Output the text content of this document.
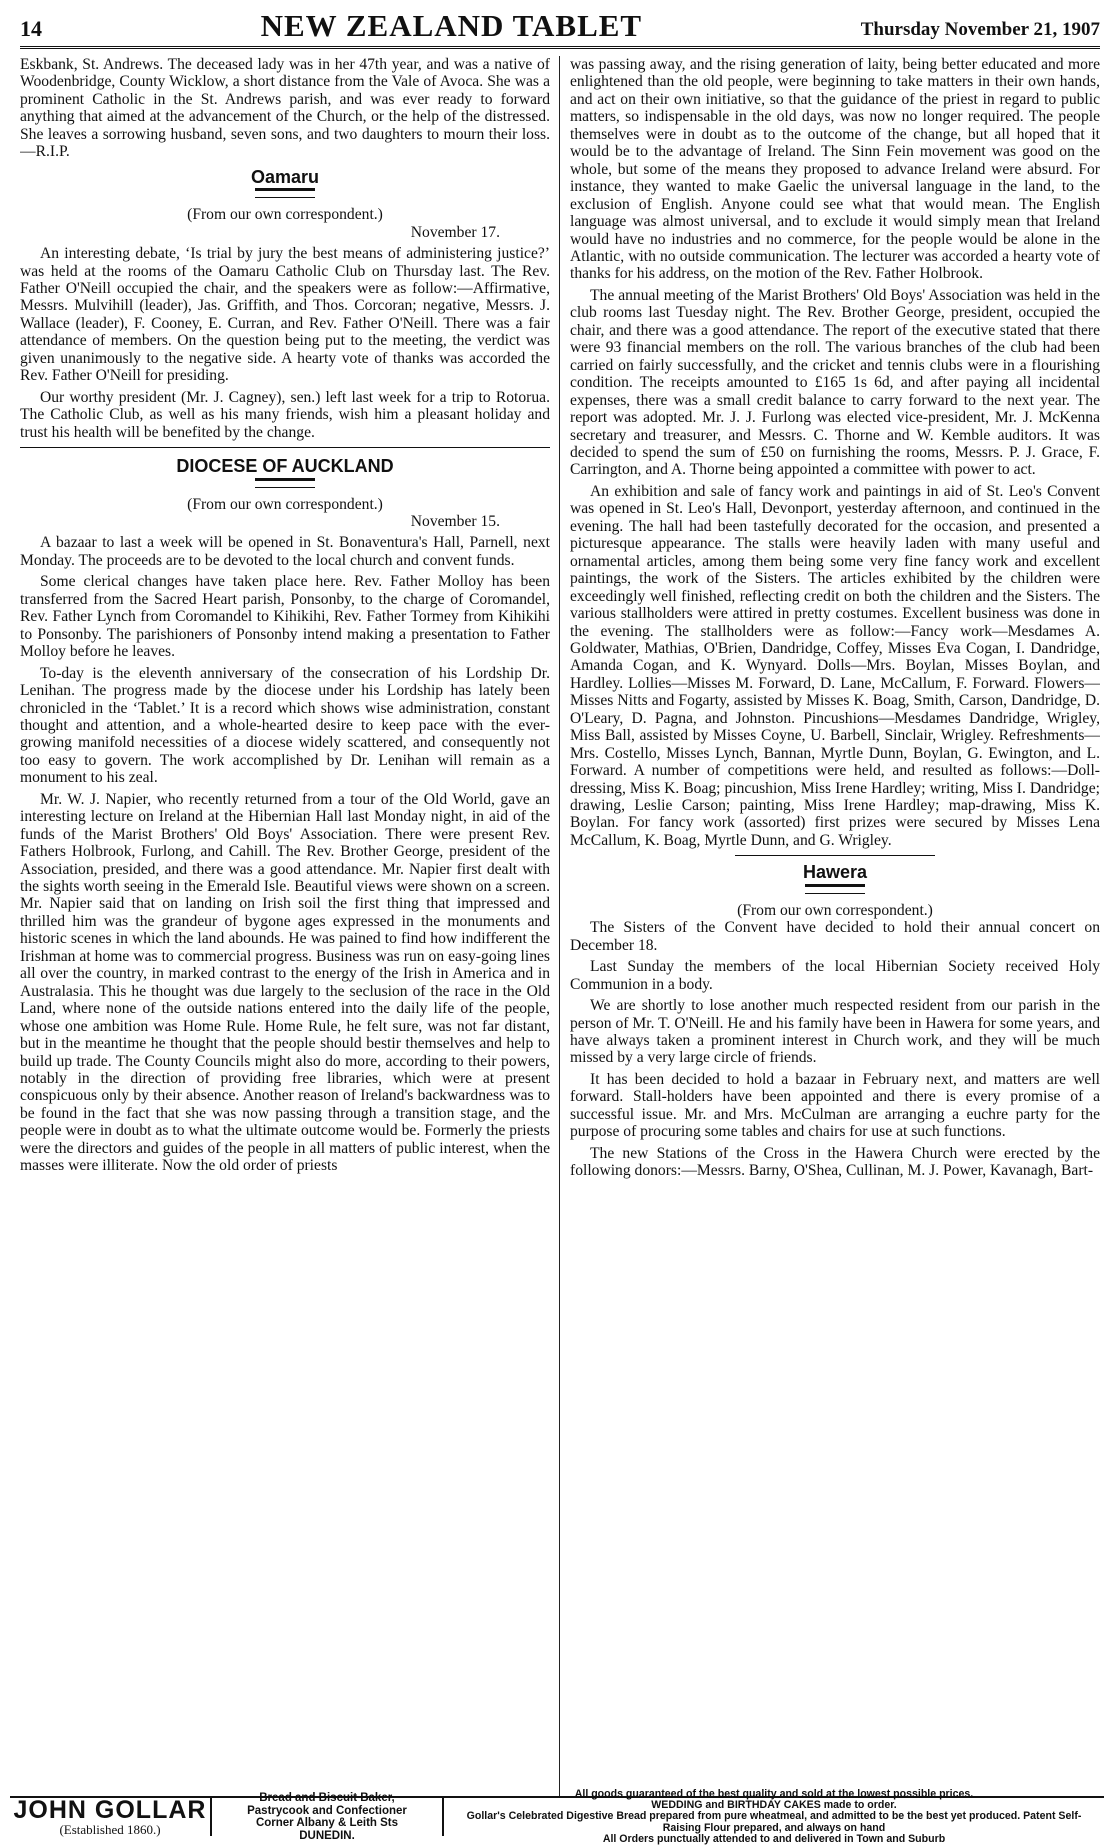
14	NEW ZEALAND TABLET	Thursday November 21, 1907

Eskbank, St. Andrews. The deceased lady was in her 47th year, and was a native of Woodenbridge, County Wicklow, a short distance from the Vale of Avoca. She was a prominent Catholic in the St. Andrews parish, and was ever ready to forward anything that aimed at the advancement of the Church, or the help of the distressed. She leaves a sorrowing husband, seven sons, and two daughters to mourn their loss.—R.I.P.

Oamaru
(From our own correspondent.)
November 17.

An interesting debate, ‘Is trial by jury the best means of administering justice?’ was held at the rooms of the Oamaru Catholic Club on Thursday last. The Rev. Father O'Neill occupied the chair, and the speakers were as follow:—Affirmative, Messrs. Mulvihill (leader), Jas. Griffith, and Thos. Corcoran; negative, Messrs. J. Wallace (leader), F. Cooney, E. Curran, and Rev. Father O'Neill. There was a fair attendance of members. On the question being put to the meeting, the verdict was given unanimously to the negative side. A hearty vote of thanks was accorded the Rev. Father O'Neill for presiding.

Our worthy president (Mr. J. Cagney), sen.) left last week for a trip to Rotorua. The Catholic Club, as well as his many friends, wish him a pleasant holiday and trust his health will be benefited by the change.

DIOCESE OF AUCKLAND
(From our own correspondent.)
November 15.

A bazaar to last a week will be opened in St. Bonaventura's Hall, Parnell, next Monday. The proceeds are to be devoted to the local church and convent funds.

Some clerical changes have taken place here. Rev. Father Molloy has been transferred from the Sacred Heart parish, Ponsonby, to the charge of Coromandel, Rev. Father Lynch from Coromandel to Kihikihi, Rev. Father Tormey from Kihikihi to Ponsonby. The parishioners of Ponsonby intend making a presentation to Father Molloy before he leaves.

To-day is the eleventh anniversary of the consecration of his Lordship Dr. Lenihan. The progress made by the diocese under his Lordship has lately been chronicled in the ‘Tablet.’ It is a record which shows wise administration, constant thought and attention, and a whole-hearted desire to keep pace with the ever-growing manifold necessities of a diocese widely scattered, and consequently not too easy to govern. The work accomplished by Dr. Lenihan will remain as a monument to his zeal.

Mr. W. J. Napier, who recently returned from a tour of the Old World, gave an interesting lecture on Ireland at the Hibernian Hall last Monday night, in aid of the funds of the Marist Brothers' Old Boys' Association. There were present Rev. Fathers Holbrook, Furlong, and Cahill. The Rev. Brother George, president of the Association, presided, and there was a good attendance. Mr. Napier first dealt with the sights worth seeing in the Emerald Isle. Beautiful views were shown on a screen. Mr. Napier said that on landing on Irish soil the first thing that impressed and thrilled him was the grandeur of bygone ages expressed in the monuments and historic scenes in which the land abounds. He was pained to find how indifferent the Irishman at home was to commercial progress. Business was run on easy-going lines all over the country, in marked contrast to the energy of the Irish in America and in Australasia. This he thought was due largely to the seclusion of the race in the Old Land, where none of the outside nations entered into the daily life of the people, whose one ambition was Home Rule. Home Rule, he felt sure, was not far distant, but in the meantime he thought that the people should bestir themselves and help to build up trade. The County Councils might also do more, according to their powers, notably in the direction of providing free libraries, which were at present conspicuous only by their absence. Another reason of Ireland's backwardness was to be found in the fact that she was now passing through a transition stage, and the people were in doubt as to what the ultimate outcome would be. Formerly the priests were the directors and guides of the people in all matters of public interest, when the masses were illiterate. Now the old order of priests

was passing away, and the rising generation of laity, being better educated and more enlightened than the old people, were beginning to take matters in their own hands, and act on their own initiative, so that the guidance of the priest in regard to public matters, so indispensable in the old days, was now no longer required. The people themselves were in doubt as to the outcome of the change, but all hoped that it would be to the advantage of Ireland. The Sinn Fein movement was good on the whole, but some of the means they proposed to advance Ireland were absurd. For instance, they wanted to make Gaelic the universal language in the land, to the exclusion of English. Anyone could see what that would mean. The English language was almost universal, and to exclude it would simply mean that Ireland would have no industries and no commerce, for the people would be alone in the Atlantic, with no outside communication. The lecturer was accorded a hearty vote of thanks for his address, on the motion of the Rev. Father Holbrook.

The annual meeting of the Marist Brothers' Old Boys' Association was held in the club rooms last Tuesday night. The Rev. Brother George, president, occupied the chair, and there was a good attendance. The report of the executive stated that there were 93 financial members on the roll. The various branches of the club had been carried on fairly successfully, and the cricket and tennis clubs were in a flourishing condition. The receipts amounted to £165 1s 6d, and after paying all incidental expenses, there was a small credit balance to carry forward to the next year. The report was adopted. Mr. J. J. Furlong was elected vice-president, Mr. J. McKenna secretary and treasurer, and Messrs. C. Thorne and W. Kemble auditors. It was decided to spend the sum of £50 on furnishing the rooms, Messrs. P. J. Grace, F. Carrington, and A. Thorne being appointed a committee with power to act.

An exhibition and sale of fancy work and paintings in aid of St. Leo's Convent was opened in St. Leo's Hall, Devonport, yesterday afternoon, and continued in the evening. The hall had been tastefully decorated for the occasion, and presented a picturesque appearance. The stalls were heavily laden with many useful and ornamental articles, among them being some very fine fancy work and excellent paintings, the work of the Sisters. The articles exhibited by the children were exceedingly well finished, reflecting credit on both the children and the Sisters. The various stallholders were attired in pretty costumes. Excellent business was done in the evening. The stallholders were as follow:—Fancy work—Mesdames A. Goldwater, Mathias, O'Brien, Dandridge, Coffey, Misses Eva Cogan, I. Dandridge, Amanda Cogan, and K. Wynyard. Dolls—Mrs. Boylan, Misses Boylan, and Hardley. Lollies—Misses M. Forward, D. Lane, McCallum, F. Forward. Flowers—Misses Nitts and Fogarty, assisted by Misses K. Boag, Smith, Carson, Dandridge, D. O'Leary, D. Pagna, and Johnston. Pincushions—Mesdames Dandridge, Wrigley, Miss Ball, assisted by Misses Coyne, U. Barbell, Sinclair, Wrigley. Refreshments—Mrs. Costello, Misses Lynch, Bannan, Myrtle Dunn, Boylan, G. Ewington, and L. Forward. A number of competitions were held, and resulted as follows:—Doll-dressing, Miss K. Boag; pincushion, Miss Irene Hardley; writing, Miss I. Dandridge; drawing, Leslie Carson; painting, Miss Irene Hardley; map-drawing, Miss K. Boylan. For fancy work (assorted) first prizes were secured by Misses Lena McCallum, K. Boag, Myrtle Dunn, and G. Wrigley.

Hawera
(From our own correspondent.)

The Sisters of the Convent have decided to hold their annual concert on December 18.

Last Sunday the members of the local Hibernian Society received Holy Communion in a body.

We are shortly to lose another much respected resident from our parish in the person of Mr. T. O'Neill. He and his family have been in Hawera for some years, and have always taken a prominent interest in Church work, and they will be much missed by a very large circle of friends.

It has been decided to hold a bazaar in February next, and matters are well forward. Stall-holders have been appointed and there is every promise of a successful issue. Mr. and Mrs. McCulman are arranging a euchre party for the purpose of procuring some tables and chairs for use at such functions.

The new Stations of the Cross in the Hawera Church were erected by the following donors:—Messrs. Barny, O'Shea, Cullinan, M. J. Power, Kavanagh, Bart-

JOHN GOLLAR
(Established 1860.)
Bread and Biscuit Baker,
Pastrycook and Confectioner
Corner Albany & Leith Sts
DUNEDIN.
All goods guaranteed of the best quality and sold at the lowest possible prices.
WEDDING and BIRTHDAY CAKES made to order.
Gollar's Celebrated Digestive Bread prepared from pure wheatmeal, and admitted to be the best yet produced. Patent Self-Raising Flour prepared, and always on hand
All Orders punctually attended to and delivered in Town and Suburb
